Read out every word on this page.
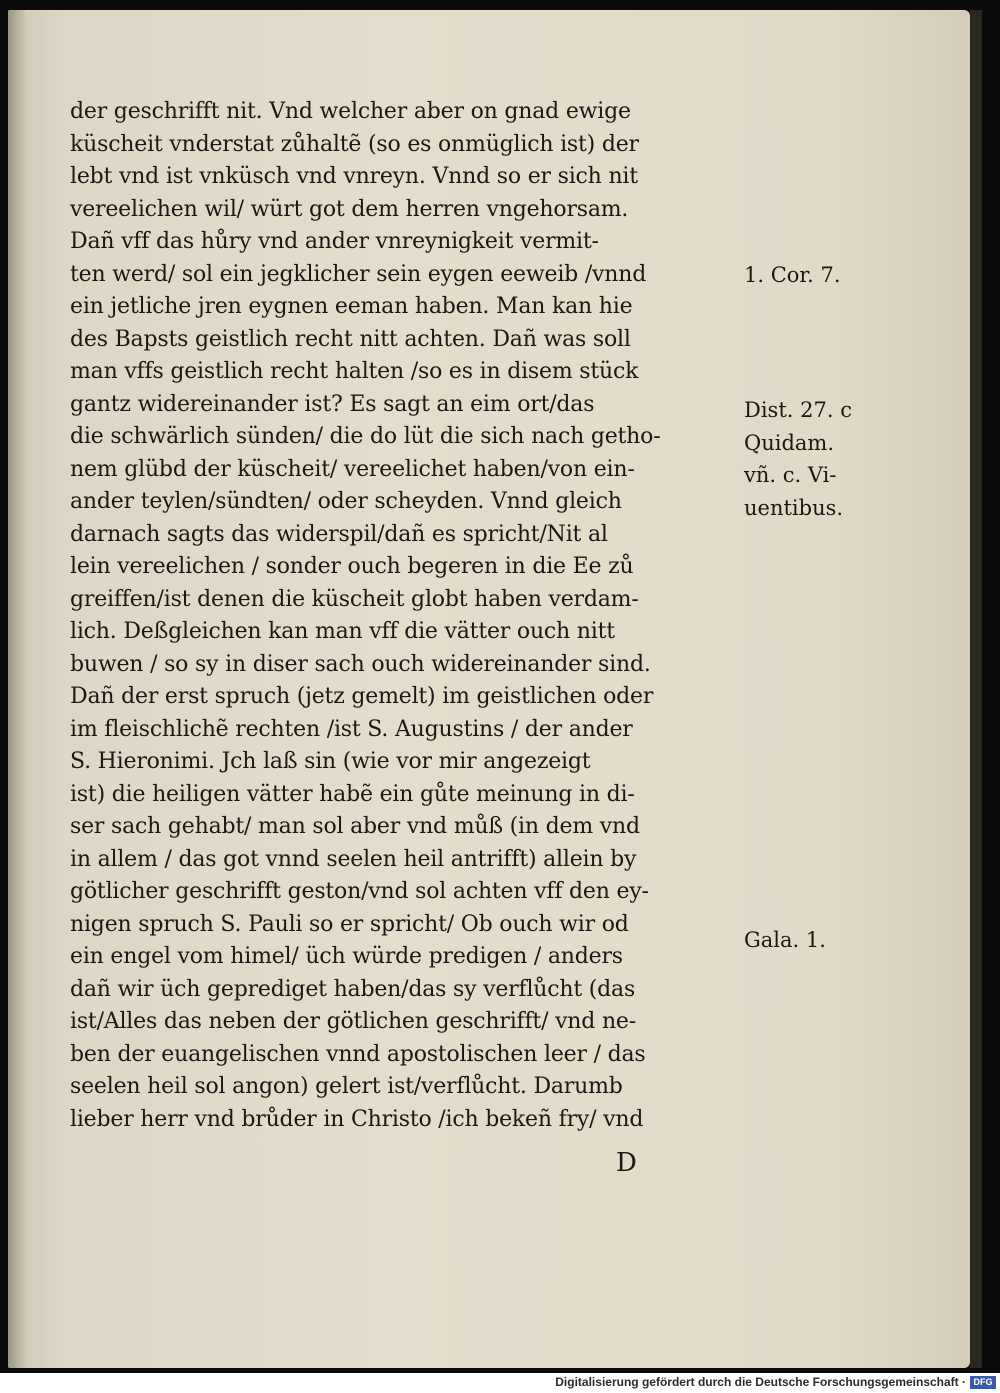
der geschrifft nit. Vnd welcher aber on gnad ewige
küscheit vnderstat zůhaltẽ (so es onmüglich ist) der
lebt vnd ist vnküsch vnd vnreyn. Vnnd so er sich nit
vereelichen wil/ würt got dem herren vngehorsam.
Dañ vff das hůry vnd ander vnreynigkeit vermit-
ten werd/ sol ein jegklicher sein eygen eeweib /vnnd
ein jetliche jren eygnen eeman haben. Man kan hie
des Bapsts geistlich recht nitt achten. Dañ was soll
man vffs geistlich recht halten /so es in disem stück
gantz widereinander ist? Es sagt an eim ort/das
die schwärlich sünden/ die do lüt die sich nach getho-
nem glübd der küscheit/ vereelichet haben/von ein-
ander teylen/sündten/ oder scheyden. Vnnd gleich
darnach sagts das widerspil/dañ es spricht/Nit al
lein vereelichen / sonder ouch begeren in die Ee zů
greiffen/ist denen die küscheit globt haben verdam-
lich. Deßgleichen kan man vff die vätter ouch nitt
buwen / so sy in diser sach ouch widereinander sind.
Dañ der erst spruch (jetz gemelt) im geistlichen oder
im fleischlichẽ rechten /ist S. Augustins / der ander
S. Hieronimi. Jch laß sin (wie vor mir angezeigt
ist) die heiligen vätter habẽ ein gůte meinung in di-
ser sach gehabt/ man sol aber vnd můß (in dem vnd
in allem / das got vnnd seelen heil antrifft) allein by
götlicher geschrifft geston/vnd sol achten vff den ey-
nigen spruch S. Pauli so er spricht/ Ob ouch wir od
ein engel vom himel/ üch würde predigen / anders
dañ wir üch geprediget haben/das sy verflůcht (das
ist/Alles das neben der götlichen geschrifft/ vnd ne-
ben der euangelischen vnnd apostolischen leer / das
seelen heil sol angon) gelert ist/verflůcht. Darumb
lieber herr vnd brůder in Christo /ich bekeñ fry/ vnd
1. Cor. 7.
Dist. 27. c
Quidam.
vñ. c. Vi-
uentibus.
Gala. 1.
D
Digitalisierung gefördert durch die Deutsche Forschungsgemeinschaft · DFG
